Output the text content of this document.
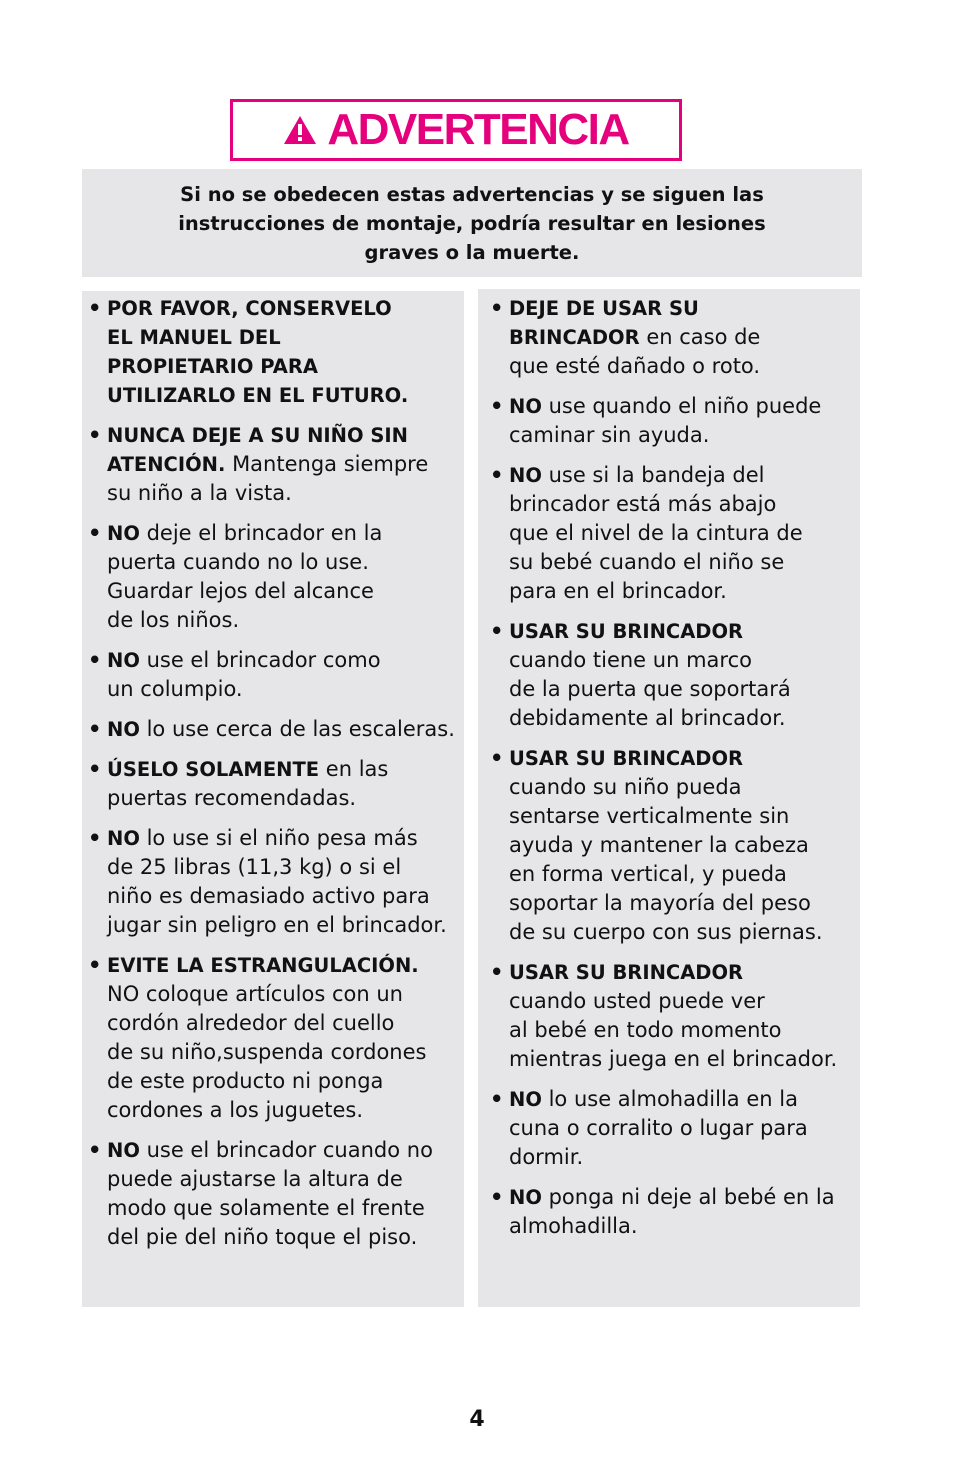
ADVERTENCIA

Si no se obedecen estas advertencias y se siguen las

instrucciones de montaje, podría resultar en lesiones

graves o la muerte.

• POR FAVOR, CONSERVELO
EL MANUEL DEL
PROPIETARIO PARA
UTILIZARLO EN EL FUTURO.
• NUNCA DEJE A SU NIÑO SIN
ATENCIÓN. Mantenga siempre
su niño a la vista.
• NO deje el brincador en la
puerta cuando no lo use.
Guardar lejos del alcance
de los niños.
• NO use el brincador como
un columpio.
• NO lo use cerca de las escaleras.
• ÚSELO SOLAMENTE en las
puertas recomendadas.
• NO lo use si el niño pesa más
de 25 libras (11,3 kg) o si el
niño es demasiado activo para
jugar sin peligro en el brincador.
• EVITE LA ESTRANGULACIÓN.
NO coloque artículos con un
cordón alrededor del cuello
de su niño,suspenda cordones
de este producto ni ponga
cordones a los juguetes.
• NO use el brincador cuando no
puede ajustarse la altura de
modo que solamente el frente
del pie del niño toque el piso.
• DEJE DE USAR SU
BRINCADOR en caso de
que esté dañado o roto.
• NO use quando el niño puede
caminar sin ayuda.
• NO use si la bandeja del
brincador está más abajo
que el nivel de la cintura de
su bebé cuando el niño se
para en el brincador.
• USAR SU BRINCADOR
cuando tiene un marco
de la puerta que soportará
debidamente al brincador.
• USAR SU BRINCADOR
cuando su niño pueda
sentarse verticalmente sin
ayuda y mantener la cabeza
en forma vertical, y pueda
soportar la mayoría del peso
de su cuerpo con sus piernas.
• USAR SU BRINCADOR
cuando usted puede ver
al bebé en todo momento
mientras juega en el brincador.
• NO lo use almohadilla en la
cuna o corralito o lugar para
dormir.
• NO ponga ni deje al bebé en la
almohadilla.
4
